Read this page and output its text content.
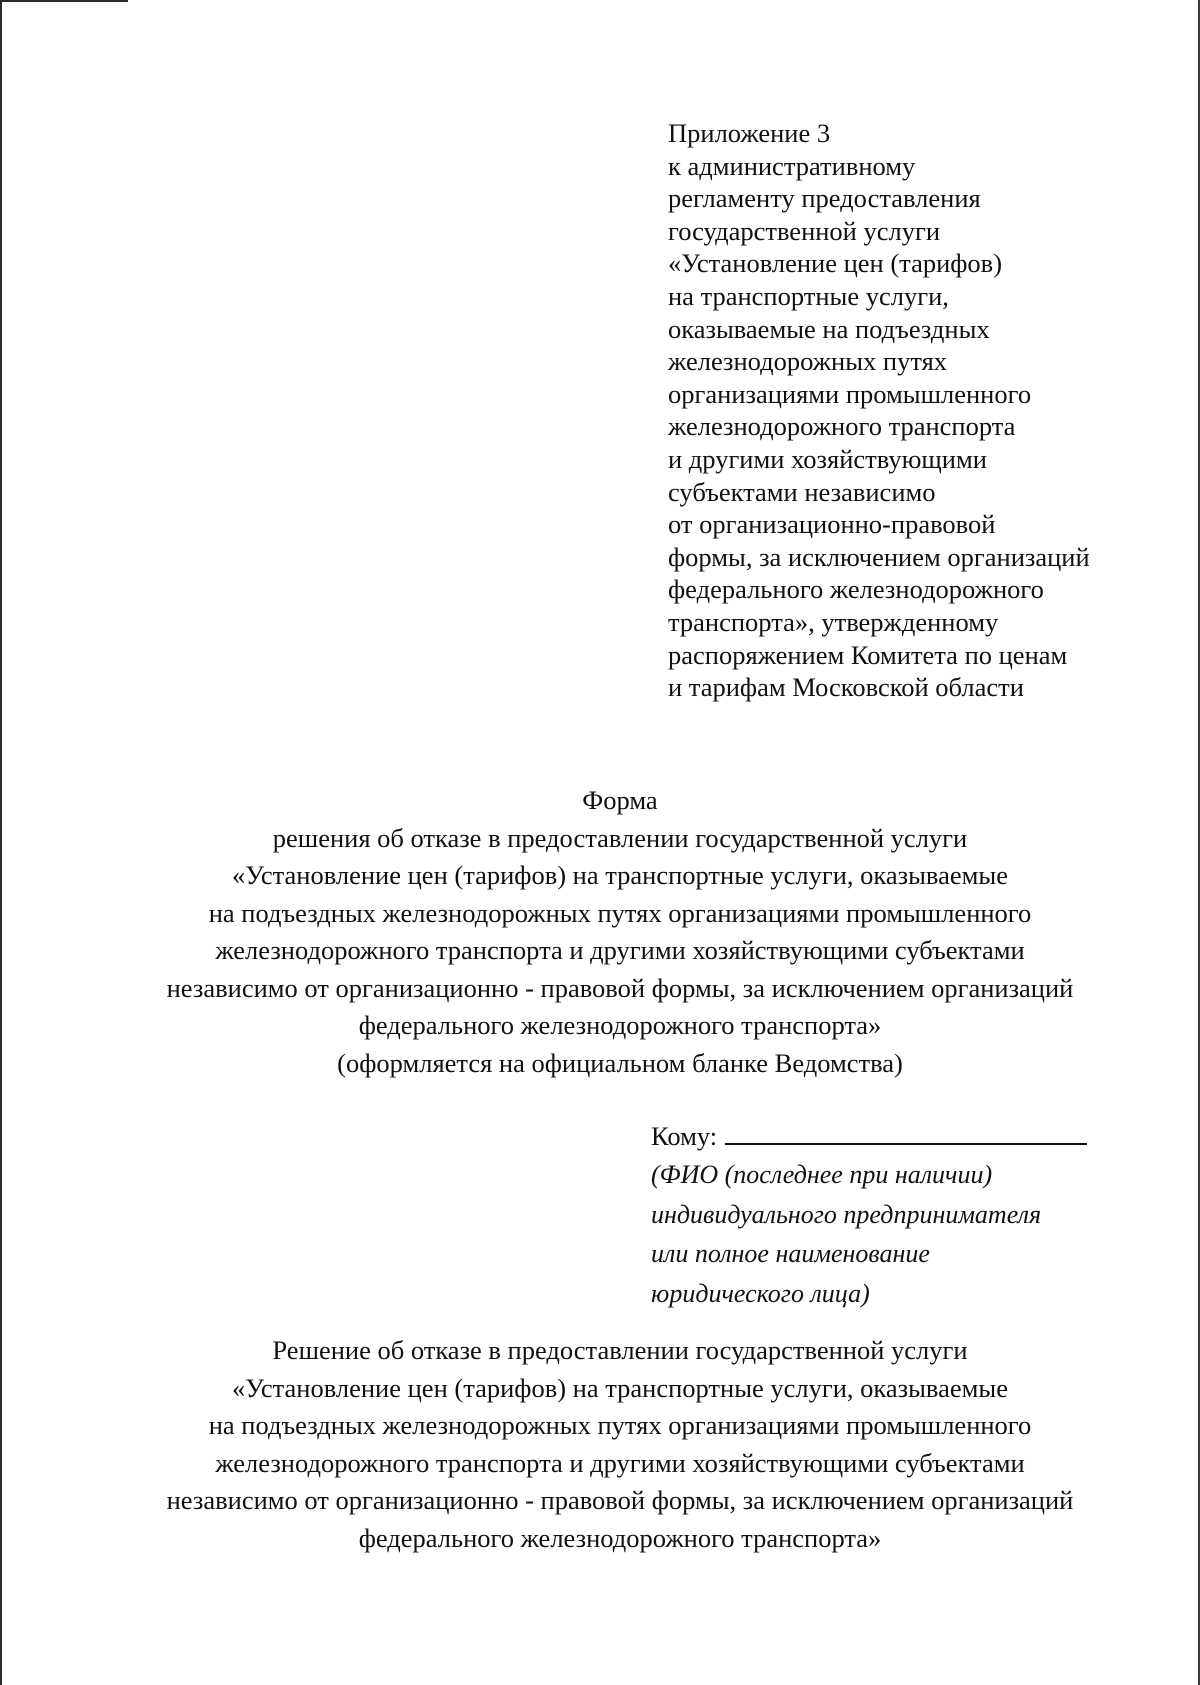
Приложение 3
к административному
регламенту предоставления
государственной услуги
«Установление цен (тарифов)
на транспортные услуги,
оказываемые на подъездных
железнодорожных путях
организациями промышленного
железнодорожного транспорта
и другими хозяйствующими
субъектами независимо
от организационно-правовой
формы, за исключением организаций
федерального железнодорожного
транспорта», утвержденному
распоряжением Комитета по ценам
и тарифам Московской области
Форма
решения об отказе в предоставлении государственной услуги
«Установление цен (тарифов) на транспортные услуги, оказываемые
на подъездных железнодорожных путях организациями промышленного
железнодорожного транспорта и другими хозяйствующими субъектами
независимо от организационно - правовой формы, за исключением организаций
федерального железнодорожного транспорта»
(оформляется на официальном бланке Ведомства)
Кому:
(ФИО (последнее при наличии)
индивидуального предпринимателя
или полное наименование
юридического лица)
Решение об отказе в предоставлении государственной услуги
«Установление цен (тарифов) на транспортные услуги, оказываемые
на подъездных железнодорожных путях организациями промышленного
железнодорожного транспорта и другими хозяйствующими субъектами
независимо от организационно - правовой формы, за исключением организаций
федерального железнодорожного транспорта»
